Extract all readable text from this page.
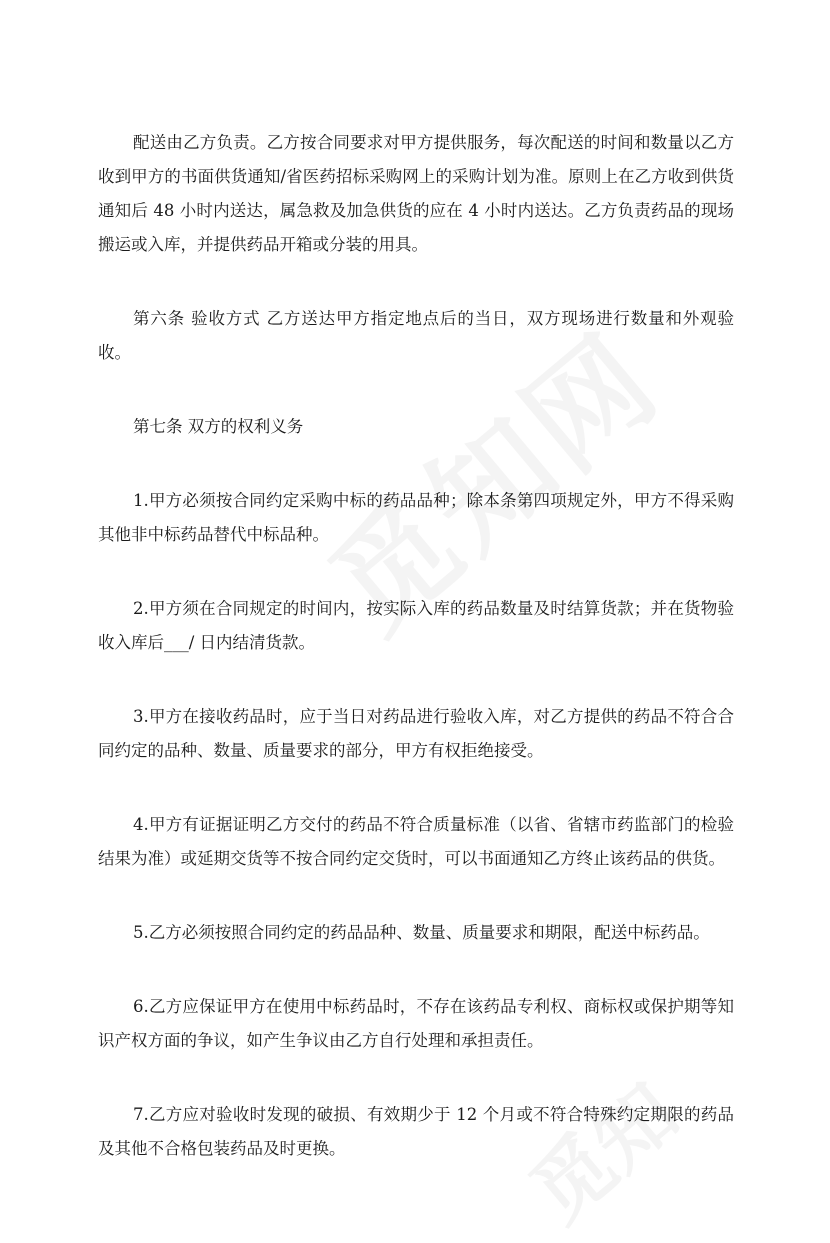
配送由乙方负责。乙方按合同要求对甲方提供服务，每次配送的时间和数量以乙方收到甲方的书面供货通知/省医药招标采购网上的采购计划为准。原则上在乙方收到供货通知后 48 小时内送达，属急救及加急供货的应在 4 小时内送达。乙方负责药品的现场搬运或入库，并提供药品开箱或分装的用具。

第六条 验收方式 乙方送达甲方指定地点后的当日，双方现场进行数量和外观验收。

第七条 双方的权利义务

1.甲方必须按合同约定采购中标的药品品种；除本条第四项规定外，甲方不得采购其他非中标药品替代中标品种。

2.甲方须在合同规定的时间内，按实际入库的药品数量及时结算货款；并在货物验收入库后___/ 日内结清货款。

3.甲方在接收药品时，应于当日对药品进行验收入库，对乙方提供的药品不符合合同约定的品种、数量、质量要求的部分，甲方有权拒绝接受。

4.甲方有证据证明乙方交付的药品不符合质量标准（以省、省辖市药监部门的检验结果为准）或延期交货等不按合同约定交货时，可以书面通知乙方终止该药品的供货。

5.乙方必须按照合同约定的药品品种、数量、质量要求和期限，配送中标药品。

6.乙方应保证甲方在使用中标药品时，不存在该药品专利权、商标权或保护期等知识产权方面的争议，如产生争议由乙方自行处理和承担责任。

7.乙方应对验收时发现的破损、有效期少于 12 个月或不符合特殊约定期限的药品及其他不合格包装药品及时更换。
